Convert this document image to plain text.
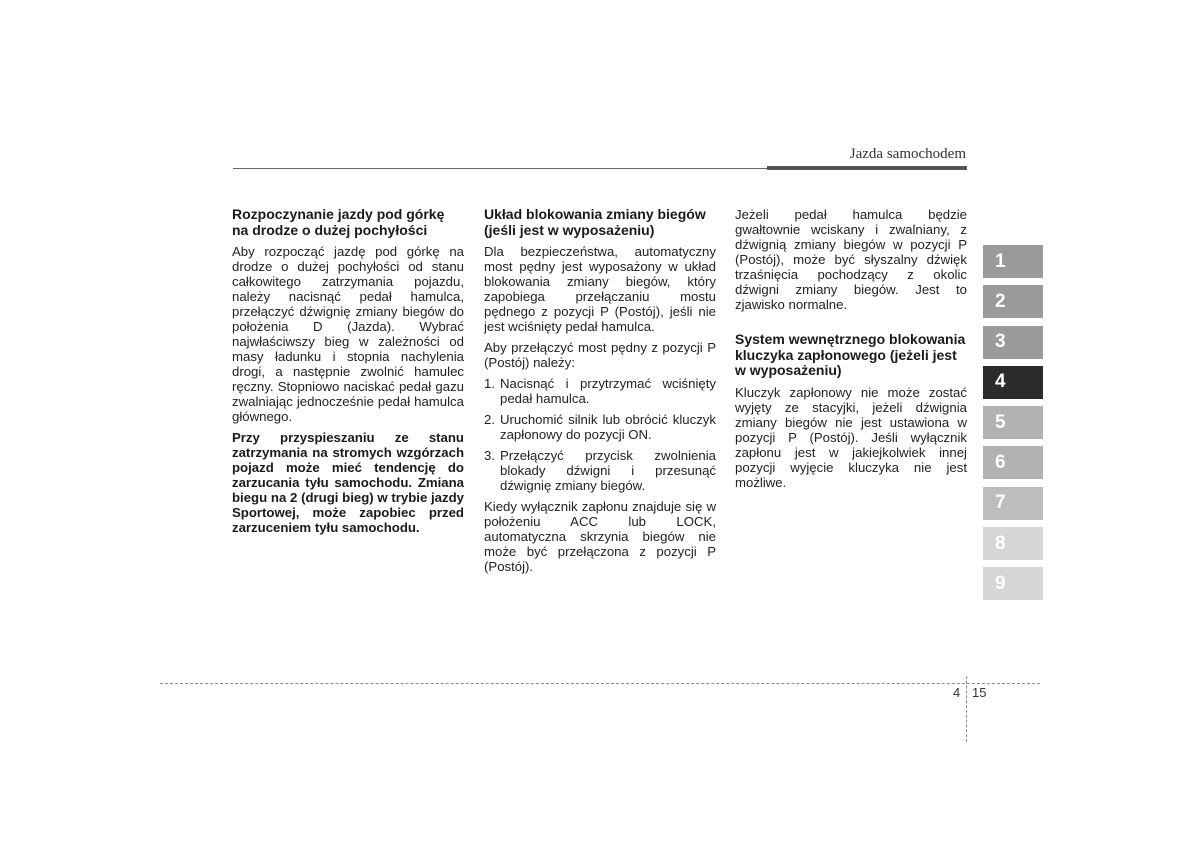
Jazda samochodem
Rozpoczynanie jazdy pod górkę na drodze o dużej pochyłości

Aby rozpocząć jazdę pod górkę na drodze o dużej pochyłości od stanu całkowitego zatrzymania pojazdu, należy nacisnąć pedał hamulca, przełączyć dźwignię zmiany biegów do położenia D (Jazda). Wybrać najwłaściwszy bieg w zależności od masy ładunku i stopnia nachylenia drogi, a następnie zwolnić hamulec ręczny. Stopniowo naciskać pedał gazu zwalniając jednocześnie pedał hamulca głównego.

Przy przyspieszaniu ze stanu zatrzymania na stromych wzgórzach pojazd może mieć tendencję do zarzucania tyłu samochodu. Zmiana biegu na 2 (drugi bieg) w trybie jazdy Sportowej, może zapobiec przed zarzuceniem tyłu samochodu.

Układ blokowania zmiany biegów (jeśli jest w wyposażeniu)

Dla bezpieczeństwa, automatyczny most pędny jest wyposażony w układ blokowania zmiany biegów, który zapobiega przełączaniu mostu pędnego z pozycji P (Postój), jeśli nie jest wciśnięty pedał hamulca.

Aby przełączyć most pędny z pozycji P (Postój) należy:

1. Nacisnąć i przytrzymać wciśnięty pedał hamulca.
2. Uruchomić silnik lub obrócić kluczyk zapłonowy do pozycji ON.
3. Przełączyć przycisk zwolnienia blokady dźwigni i przesunąć dźwignię zmiany biegów.

Kiedy wyłącznik zapłonu znajduje się w położeniu ACC lub LOCK, automatyczna skrzynia biegów nie może być przełączona z pozycji P (Postój).

Jeżeli pedał hamulca będzie gwałtownie wciskany i zwalniany, z dźwignią zmiany biegów w pozycji P (Postój), może być słyszalny dźwięk trzaśnięcia pochodzący z okolic dźwigni zmiany biegów. Jest to zjawisko normalne.

System wewnętrznego blokowania kluczyka zapłonowego (jeżeli jest w wyposażeniu)

Kluczyk zapłonowy nie może zostać wyjęty ze stacyjki, jeżeli dźwignia zmiany biegów nie jest ustawiona w pozycji P (Postój). Jeśli wyłącznik zapłonu jest w jakiejkolwiek innej pozycji wyjęcie kluczyka nie jest możliwe.

1
2
3
4
5
6
7
8
9
4 15
